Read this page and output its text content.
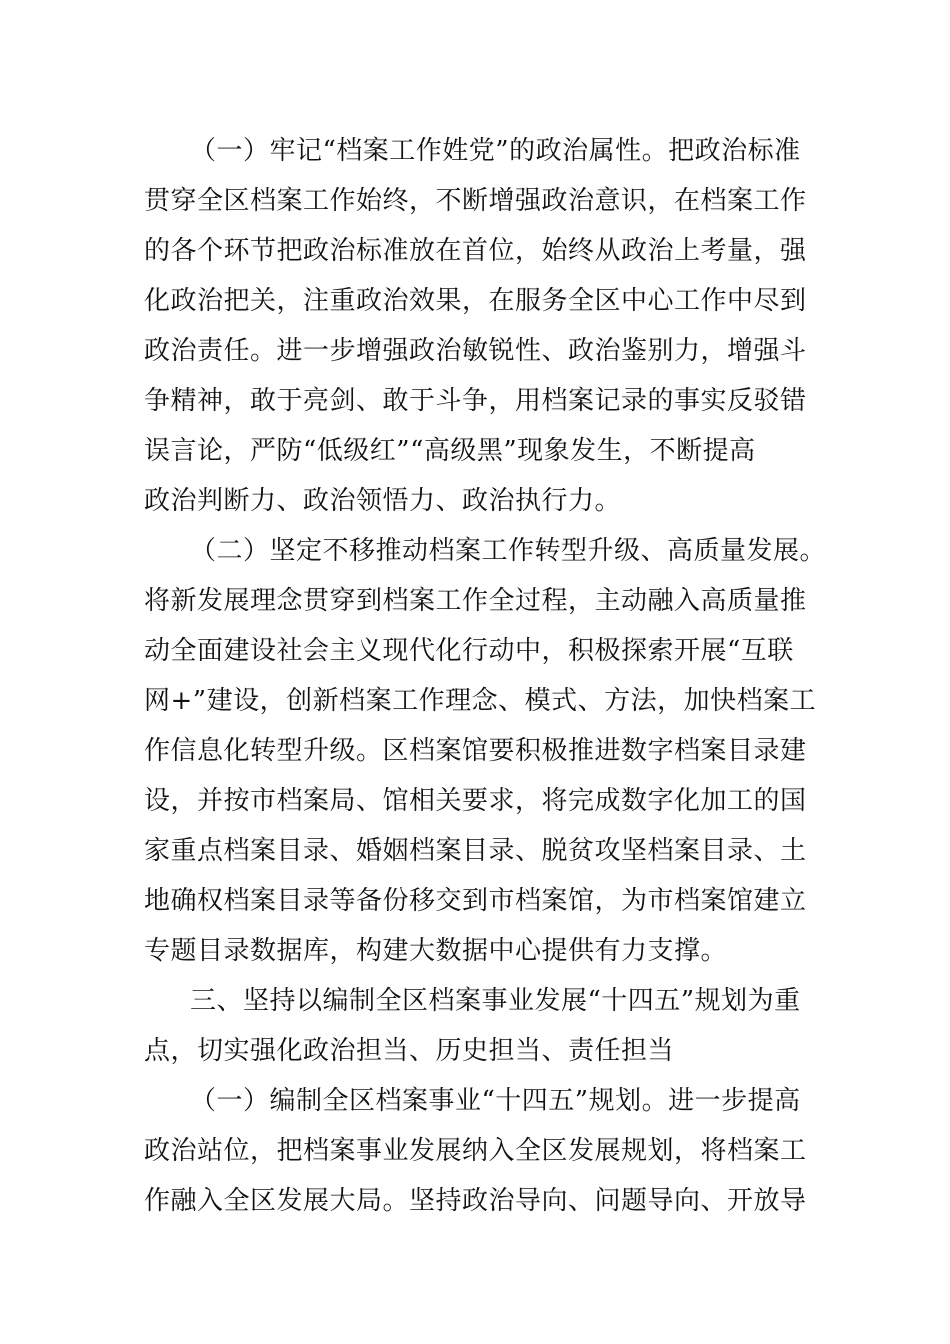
（一）牢记“档案工作姓党”的政治属性。把政治标准
贯穿全区档案工作始终，不断增强政治意识，在档案工作
的各个环节把政治标准放在首位，始终从政治上考量，强
化政治把关，注重政治效果，在服务全区中心工作中尽到
政治责任。进一步增强政治敏锐性、政治鉴别力，增强斗
争精神，敢于亮剑、敢于斗争，用档案记录的事实反驳错
误言论，严防“低级红”“高级黑”现象发生，不断提高
政治判断力、政治领悟力、政治执行力。
（二）坚定不移推动档案工作转型升级、高质量发展。
将新发展理念贯穿到档案工作全过程，主动融入高质量推
动全面建设社会主义现代化行动中，积极探索开展“互联
网+”建设，创新档案工作理念、模式、方法，加快档案工
作信息化转型升级。区档案馆要积极推进数字档案目录建
设，并按市档案局、馆相关要求，将完成数字化加工的国
家重点档案目录、婚姻档案目录、脱贫攻坚档案目录、土
地确权档案目录等备份移交到市档案馆，为市档案馆建立
专题目录数据库，构建大数据中心提供有力支撑。
三、坚持以编制全区档案事业发展“十四五”规划为重
点，切实强化政治担当、历史担当、责任担当
（一）编制全区档案事业“十四五”规划。进一步提高
政治站位，把档案事业发展纳入全区发展规划，将档案工
作融入全区发展大局。坚持政治导向、问题导向、开放导
